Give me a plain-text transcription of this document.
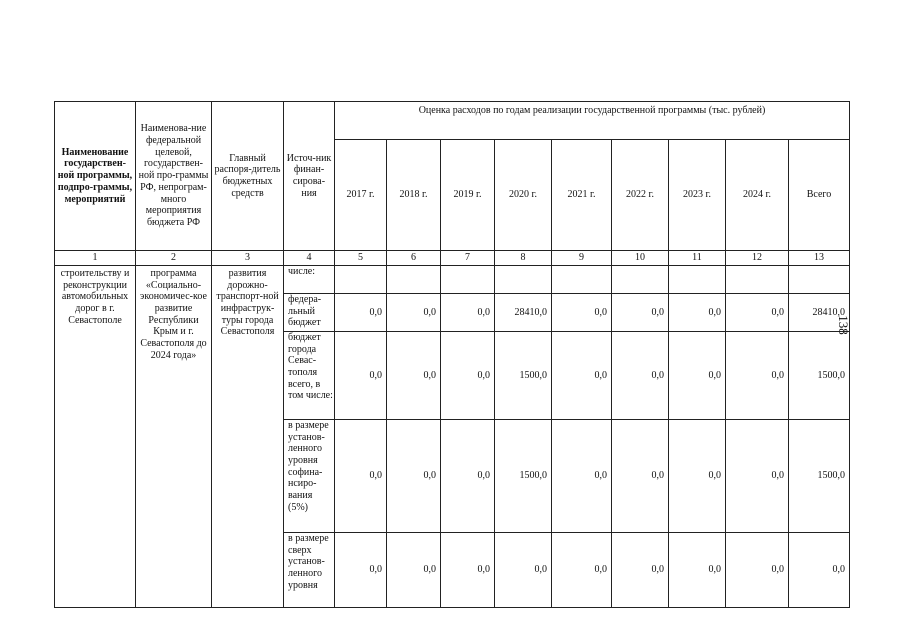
Наименование государствен-ной программы, подпро-граммы, мероприятий	Наименова-ние федеральной целевой, государствен-ной про-граммы РФ, непрограм-много мероприятия бюджета РФ	Главный распоря-дитель бюджетных средств	Источ-ник финан-сирова-ния	Оценка расходов по годам реализации государственной программы (тыс. рублей)								
				2017 г.	2018 г.	2019 г.	2020 г.	2021 г.	2022 г.	2023 г.	2024 г.	Всего
1	2	3	4	5	6	7	8	9	10	11	12	13
строительству и реконструкции автомобильных дорог в г. Севастополе	программа «Социально-экономичес-кое развитие Республики Крым и г. Севастополя до 2024 года»	развития дорожно-транспорт-ной инфраструк-туры города Севастополя	числе:									
			федера-льный бюджет	0,0	0,0	0,0	28410,0	0,0	0,0	0,0	0,0	28410,0
			бюджет города Севас-тополя всего, в том числе:	0,0	0,0	0,0	1500,0	0,0	0,0	0,0	0,0	1500,0
			в размере установ-ленного уровня софина-нсиро-вания (5%)	0,0	0,0	0,0	1500,0	0,0	0,0	0,0	0,0	1500,0
			в размере сверх установ-ленного уровня	0,0	0,0	0,0	0,0	0,0	0,0	0,0	0,0	0,0
138
